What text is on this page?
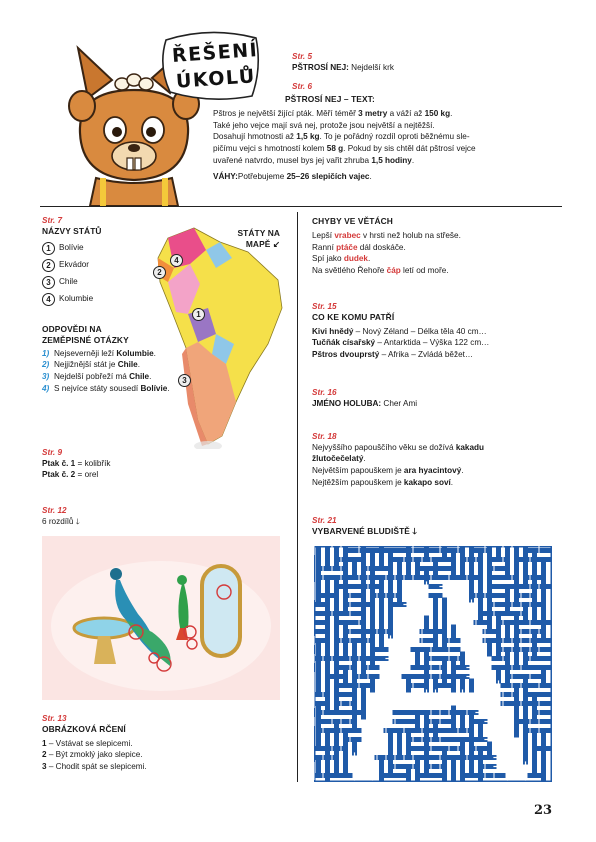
ŘEŠENÍ
ÚKOLŮ
Str. 5
PŠTROSÍ NEJ: Nejdelší krk
Str. 6
PŠTROSÍ NEJ – TEXT:
Pštros je největší žijící pták. Měří téměř 3 metry a váží až 150 kg.
Také jeho vejce mají svá nej, protože jsou největší a nejtěžší.
Dosahují hmotnosti až 1,5 kg. To je pořádný rozdíl oproti běžnému sle-
pičímu vejci s hmotností kolem 58 g. Pokud by sis chtěl dát pštrosí vejce
uvařené natvrdo, musel bys jej vařit zhruba 1,5 hodiny.
VÁHY:Potřebujeme 25–26 slepičích vajec.
Str. 7
NÁZVY STÁTŮ
1	Bolívie
2	Ekvádor
3	Chile
4	Kolumbie
1
2
3
4
STÁTY NA MAPĚ ↙
ODPOVĚDI NA ZEMĚPISNÉ OTÁZKY
1) Nejseverněji leží Kolumbie.
2) Nejjižnější stát je Chile.
3) Nejdelší pobřeží má Chile.
4) S nejvíce státy sousedí Bolívie.
Str. 9
Ptak č. 1 = kolibřík
Ptak č. 2 = orel
Str. 12
6 rozdílů 🡓
Str. 13
OBRÁZKOVÁ RČENÍ
1 – Vstávat se slepicemi.
2 – Být zmoklý jako slepice.
3 – Chodit spát se slepicemi.
CHYBY VE VĚTÁCH
Lepší vrabec v hrsti než holub na střeše.
Ranní ptáče dál doskáče.
Spí jako dudek.
Na světlého Řehoře čáp letí od moře.
Str. 15
CO KE KOMU PATŘÍ
Kivi hnědý – Nový Zéland – Délka těla 40 cm…
Tučňák císařský – Antarktida – Výška 122 cm…
Pštros dvouprstý – Afrika – Zvládá běžet…
Str. 16
JMÉNO HOLUBA: Cher Ami
Str. 18
Nejvyššího papouščího věku se dožívá kakadu
žlutočečelatý.
Největším papouškem je ara hyacintový.
Nejtěžším papouškem je kakapo soví.
Str. 21
VYBARVENÉ BLUDIŠTĚ 🡓
23
